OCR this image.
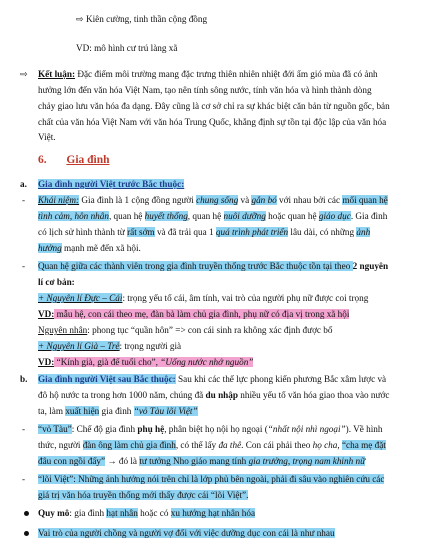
⇨ Kiên cường, tinh thần cộng đồng
VD: mô hình cư trú làng xã
⇨ Kết luận: Đặc điểm môi trường mang đặc trưng thiên nhiên nhiệt đới ẩm gió mùa đã có ảnh
hưởng lớn đến văn hóa Việt Nam, tạo nên tính sông nước, tính văn hóa và hình thành dòng
chảy giao lưu văn hóa đa dạng. Đây cũng là cơ sở chỉ ra sự khác biệt căn bản từ nguồn gốc, bản
chất của văn hóa Việt Nam với văn hóa Trung Quốc, khẳng định sự tồn tại độc lập của văn hóa
Việt.
6. Gia đình
a. Gia đình người Việt trước Bắc thuộc:
- Khái niệm: Gia đình là 1 cộng đồng người chung sống và gắn bó với nhau bởi các mối quan hệ
tình cảm, hôn nhân, quan hệ huyết thống, quan hệ nuôi dưỡng hoặc quan hệ giáo dục. Gia đình
có lịch sử hình thành từ rất sớm và đã trải qua 1 quá trình phát triển lâu dài, có những ảnh
hưởng mạnh mẽ đến xã hội.
- Quan hệ giữa các thành viên trong gia đình truyền thống trước Bắc thuộc tồn tại theo 2 nguyên
lí cơ bản:
+ Nguyên lí Đực – Cái: trọng yếu tố cái, âm tính, vai trò của người phụ nữ được coi trọng
VD: mẫu hệ, con cái theo mẹ, đàn bà làm chủ gia đình, phụ nữ có địa vị trong xã hội
Nguyên nhân: phong tục “quần hôn” => con cái sinh ra không xác định được bố
+ Nguyên lí Già – Trẻ: trọng người già
VD: “Kính già, già để tuổi cho”, “Uống nước nhớ nguồn”
b. Gia đình người Việt sau Bắc thuộc: Sau khi các thế lực phong kiến phương Bắc xâm lược và
đô hộ nước ta trong hơn 1000 năm, chúng đã du nhập nhiều yếu tố văn hóa giao thoa vào nước
ta, làm xuất hiện gia đình “vỏ Tàu lõi Việt”
- “vỏ Tàu”: Chế độ gia đình phụ hệ, phân biệt họ nội họ ngoại (“nhất nội nhì ngoại”). Về hình
thức, người đàn ông làm chủ gia đình, có thể lấy đa thê. Con cái phải theo họ cha, “cha mẹ đặt
đâu con ngồi đấy” → đó là tư tưởng Nho giáo mang tính gia trưởng, trọng nam khinh nữ
- “lõi Việt”: Những ảnh hưởng nói trên chỉ là lớp phủ bên ngoài, phải đi sâu vào nghiên cứu các
giá trị văn hóa truyền thống mới thấy được cái “lõi Việt”.
Quy mô: gia đình hạt nhân hoặc có xu hướng hạt nhân hóa
Vai trò của người chồng và người vợ đối với việc dưỡng dục con cái là như nhau
